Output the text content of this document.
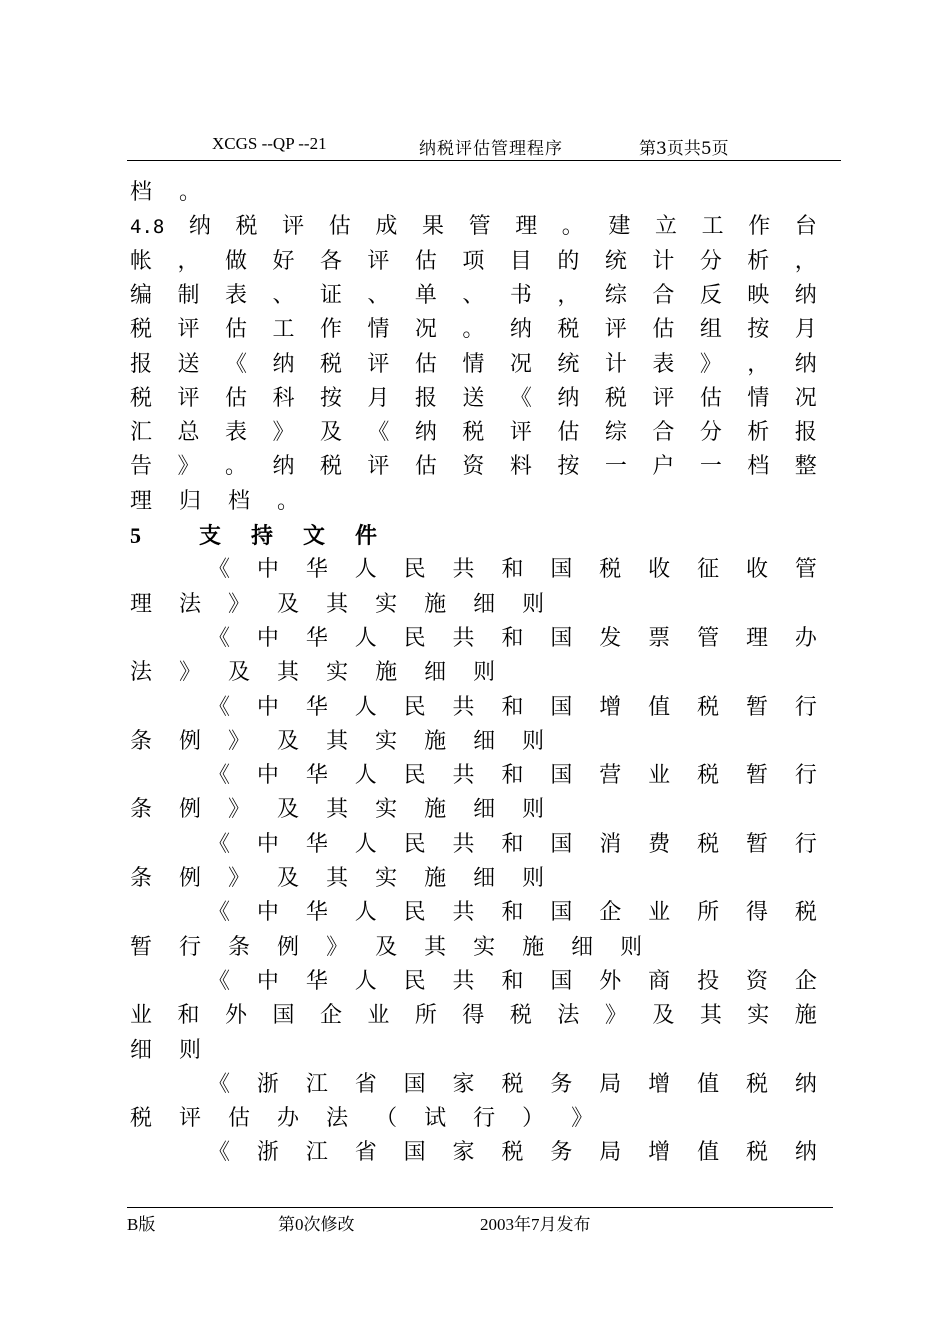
XCGS --QP --21	纳税评估管理程序	第3页共5页
档 。
4.8 纳 税 评 估 成 果 管 理 。 建 立 工 作 台
帐 ， 做 好 各 评 估 项 目 的 统 计 分 析 ，
编 制 表 、 证 、 单 、 书 ， 综 合 反 映 纳
税 评 估 工 作 情 况 。 纳 税 评 估 组 按 月
报 送 《 纳 税 评 估 情 况 统 计 表 》 ， 纳
税 评 估 科 按 月 报 送 《 纳 税 评 估 情 况
汇 总 表 》 及 《 纳 税 评 估 综 合 分 析 报
告 》 。 纳 税 评 估 资 料 按 一 户 一 档 整
理 归 档 。
5	支 持 文 件
《 中 华 人 民 共 和 国 税 收 征 收 管
理 法 》 及 其 实 施 细 则
《 中 华 人 民 共 和 国 发 票 管 理 办
法 》 及 其 实 施 细 则
《 中 华 人 民 共 和 国 增 值 税 暂 行
条 例 》 及 其 实 施 细 则
《 中 华 人 民 共 和 国 营 业 税 暂 行
条 例 》 及 其 实 施 细 则
《 中 华 人 民 共 和 国 消 费 税 暂 行
条 例 》 及 其 实 施 细 则
《 中 华 人 民 共 和 国 企 业 所 得 税
暂 行 条 例 》 及 其 实 施 细 则
《 中 华 人 民 共 和 国 外 商 投 资 企
业 和 外 国 企 业 所 得 税 法 》 及 其 实 施
细 则
《 浙 江 省 国 家 税 务 局 增 值 税 纳
税 评 估 办 法 （ 试 行 ） 》
《 浙 江 省 国 家 税 务 局 增 值 税 纳
B版	第0次修改	2003年7月发布
